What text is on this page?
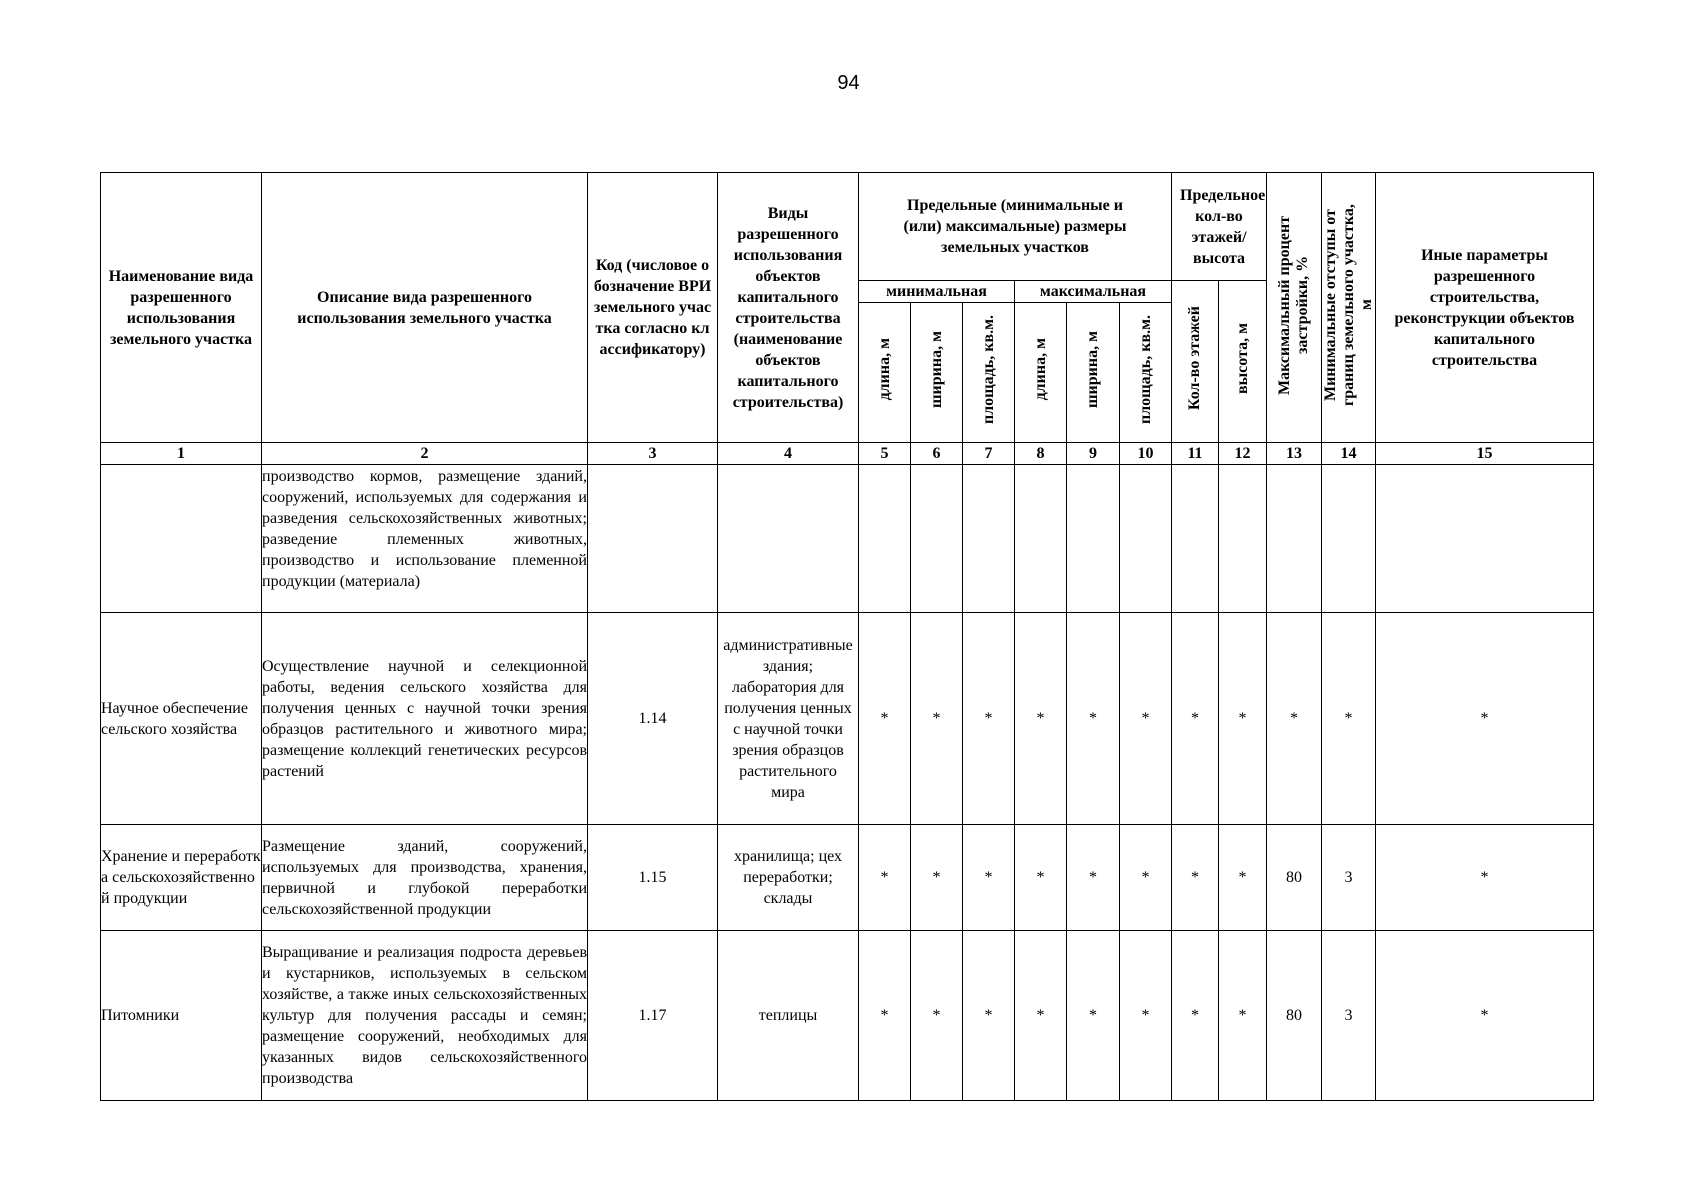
94
Наименование вида разрешенного использования земельного участка	Описание вида разрешенного использования земельного участка	Код (числовое обозначение ВРИ земельного участка согласно классификатору)	Виды разрешенного использования объектов капитального строительства (наименование объектов капитального строительства)	Предельные (минимальные и (или) максимальные) размеры земельных участков						Предельное кол-во этажей/ высота		Максимальный процент застройки, %	Минимальные отступы от границ земельного участка, м	Иные параметры разрешенного строительства, реконструкции объектов капитального строительства
				минимальная			максимальная			Кол-во этажей	высота, м			
				длина, м	ширина, м	площадь, кв.м.	длина, м	ширина, м	площадь, кв.м.					
1	2	3	4	5	6	7	8	9	10	11	12	13	14	15
	производство кормов, размещение зданий, сооружений, используемых для содержания и разведения сельскохозяйственных животных; разведение племенных животных, производство и использование племенной продукции (материала)													
Научное обеспечение сельского хозяйства	Осуществление научной и селекционной работы, ведения сельского хозяйства для получения ценных с научной точки зрения образцов растительного и животного мира; размещение коллекций генетических ресурсов растений	1.14	административные здания; лаборатория для получения ценных с научной точки зрения образцов растительного мира	*	*	*	*	*	*	*	*	*	*	*
Хранение и переработка сельскохозяйственной продукции	Размещение зданий, сооружений, используемых для производства, хранения, первичной и глубокой переработки сельскохозяйственной продукции	1.15	хранилища; цех переработки; склады	*	*	*	*	*	*	*	*	80	3	*
Питомники	Выращивание и реализация подроста деревьев и кустарников, используемых в сельском хозяйстве, а также иных сельскохозяйственных культур для получения рассады и семян; размещение сооружений, необходимых для указанных видов сельскохозяйственного производства	1.17	теплицы	*	*	*	*	*	*	*	*	80	3	*
